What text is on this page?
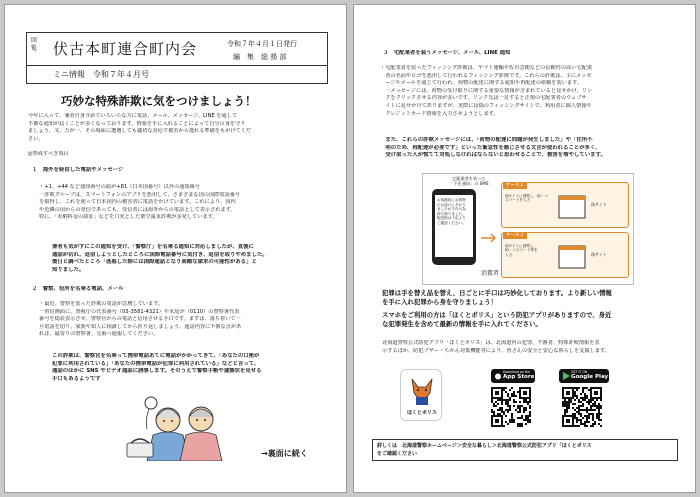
回
覧 伏古本町連合町内会	令和７年４月１日発行
編　集　総 務 部
ミニ情報　令和７年４月号
巧妙な特殊詐欺に気をつけましょう！
今年に入って、兼者自身含めていろいろな方に電話、メール、メッセージ、LINE を通して
不審な通知が届くことが多くなっております。情報を手に入れることによって自分の身を守り
ましょう。又、万が一、その場面に遭遇しても適切な対応で被害から逃れる準備をもがけてくだ
さい。
◎警戒すべき項目
１　海外を経由した電話やメッセージ
・+1、+44 など通知番号の頭が+81（日本国番号）以外の通知番号
一詐欺グループは、スマートフォンのアプリを悪用して、さまざまな国の国際電話番号
を取得し、これを使って日本国内の被害者に電話をかけています。これにより、国内
や近隣の国からの発信であっても、受信者には海外からの電話として表示されます。
特に、「未納料金の請求」などを口実とした架空請求詐欺が多発しています。
兼者も気がすにこの通知を受け、「警察庁」を名乗る通知に対応しましたが、直後に
通話が切れ、返信しようとしたところに国際電話番号に気付き、返信を取りやめました。
後日と調べたところ「迷惑した際には国際通話となり高額な請求の可能性がある」と
知りました。
２　警察、役所を名乗る電話、メール
・最近、警察を装った詐欺の電話が急増しています。
一着信画面に、警視庁の代表番号（03-3581-4321）や末尾が（0110）の警察署代表
番号を偽装表示させ、警察官からの電話と信用させる手口です。ますは、落ち着いて一
旦電話を切り、家族や知人に相談してから折り返しましょう。通話内容に不審な点があ
れば、最寄りの警察署、交番へ通報してください。
この詐欺は、警察官を名乗って携帯電話あてに電話がかかってきて、「あなたの口座が
犯罪に利用されている」「あなたの携帯電話が犯罪に利用されている」などと言って、
通話のほかに SNS やビデオ通話に誘導します。そのうえで警察手帳や逮捕状を見せる
手口もあるようです
→裏面に続く
３　宅配業者を装うメッセージ、メール、LINE 通知
・宅配業者を装ったフィッシング詐欺は、ヤマト運輸や佐川急便などの信頼性の高い宅配業
　者の名前やロゴを悪用して行われるフィッシング詐欺です。これらの詐欺は、主にメッセ
　ージやメールを通じて行われ、荷物の配達に関する通知や再配達の依頼を装います。
　一メッセージには、荷物の受け取りに関する重要な情報が含まれていると見せかけ、リン
　クをクリックさせる内容が多いです。リンク先は一見すると正規の宅配業者のウェブサ
　イトに見せかけてありますが、実際には偽のフィッシングサイトで、利用者に個人情報や
　クレジットカード情報を入力させようとします。
　また、これらの詐欺メッセージには、「荷物の配達に問題が発生しました」や「住所不
　明のため、再配達が必要です」といった緊急性を感じさせる文言が使われることが多く、
　受け取った人が慌てて対処しなければならないと思わせることで、被害を増やしています。
宅配業者を装った
「不在通知」の SMS
お客様宛にお荷物のお届けにあがりましたが不在の為持ち帰りました。配送物は下記よりご確認ください。
ケース１
偽サイトに誘導し、ID・パスワードを入力
偽サイト
ケース２
偽サイトに誘導し、
ID・パスワード等を
入力	偽サイト
消費者
犯罪は手を替え品を替え、日ごとに手口は巧妙化しております。より新しい情報
を手に入れ犯罪から身を守りましょう！
スマホをご利用の方は「ほくとポリス」という防犯アプリがありますので、身近
な犯罪発生を含めて最新の情報を手に入れてください。
北海道警察公式防犯アプリ「ほくとポリス」は、北海道内の犯罪、不審者、特殊詐欺情報を表
示するほか、防犯ブザー・ちかん対策機能等により、皆さんの安全と安心な暮らしを支援します。
ほくとポリス
Download on the
App Store
GET IT ON
Google Play
詳しくは　北海道警察ホームページ＞安全な暮らし＞北海道警察公式防犯アプリ「ほくとポリス
をご確認ください
